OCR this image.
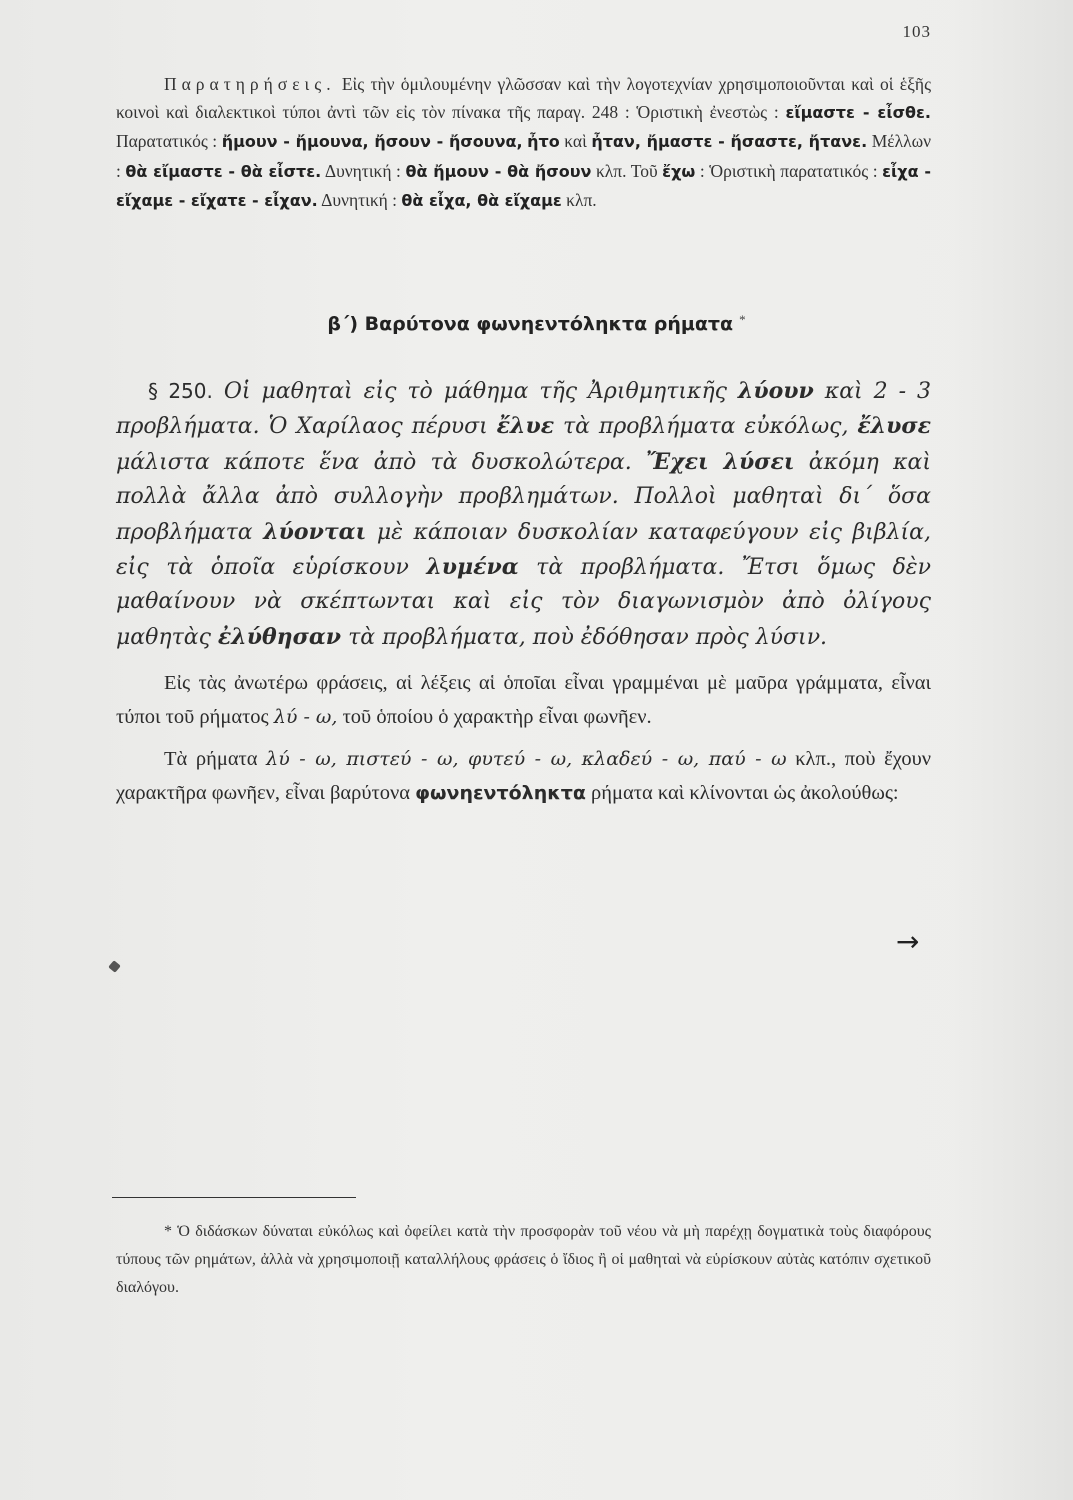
103

Παρατηρήσεις. Εἰς τὴν ὁμιλουμένην γλῶσσαν καὶ τὴν λογοτεχνίαν χρησιμοποιοῦνται καὶ οἱ ἑξῆς κοινοὶ καὶ διαλεκτικοὶ τύποι ἀντὶ τῶν εἰς τὸν πίνακα τῆς παραγ. 248 : Ὁριστικὴ ἐνεστὼς : εἴμαστε - εἶσθε. Παρατατικός : ἤμουν - ἤμουνα, ἤσουν - ἤσουνα, ἦτο καὶ ἦταν, ἤμαστε - ἤσαστε, ἤτανε. Μέλλων : θὰ εἴμαστε - θὰ εἶστε. Δυνητική : θὰ ἤμουν - θὰ ἤσουν κλπ. Τοῦ ἔχω : Ὁριστικὴ παρατατικός : εἶχα - εἴχαμε - εἴχατε - εἶχαν. Δυνητική : θὰ εἶχα, θὰ εἴχαμε κλπ.

β΄) Βαρύτονα φωνηεντόληκτα ρήματα *

§ 250. Οἱ μαθηταὶ εἰς τὸ μάθημα τῆς Ἀριθμητικῆς λύουν καὶ 2 - 3 προβλήματα. Ὁ Χαρίλαος πέρυσι ἔλυε τὰ προβλήματα εὐκόλως, ἔλυσε μάλιστα κάποτε ἕνα ἀπὸ τὰ δυσκολώτερα. Ἔχει λύσει ἀκόμη καὶ πολλὰ ἄλλα ἀπὸ συλλογὴν προβλημάτων. Πολλοὶ μαθηταὶ δι΄ ὅσα προβλήματα λύονται μὲ κάποιαν δυσκολίαν καταφεύγουν εἰς βιβλία, εἰς τὰ ὁποῖα εὑρίσκουν λυμένα τὰ προβλήματα. Ἔτσι ὅμως δὲν μαθαίνουν νὰ σκέπτωνται καὶ εἰς τὸν διαγωνισμὸν ἀπὸ ὀλίγους μαθητὰς ἐλύθησαν τὰ προβλήματα, ποὺ ἐδόθησαν πρὸς λύσιν.

Εἰς τὰς ἀνωτέρω φράσεις, αἱ λέξεις αἱ ὁποῖαι εἶναι γραμμέναι μὲ μαῦρα γράμματα, εἶναι τύποι τοῦ ρήματος λύ - ω, τοῦ ὁποίου ὁ χαρακτὴρ εἶναι φωνῆεν.

Τὰ ρήματα λύ - ω, πιστεύ - ω, φυτεύ - ω, κλαδεύ - ω, παύ - ω κλπ., ποὺ ἔχουν χαρακτῆρα φωνῆεν, εἶναι βαρύτονα φωνηεντόληκτα ρήματα καὶ κλίνονται ὡς ἀκολούθως:

→

* Ὁ διδάσκων δύναται εὐκόλως καὶ ὀφείλει κατὰ τὴν προσφορὰν τοῦ νέου νὰ μὴ παρέχῃ δογματικὰ τοὺς διαφόρους τύπους τῶν ρημάτων, ἀλλὰ νὰ χρησιμοποιῇ καταλλήλους φράσεις ὁ ἴδιος ἢ οἱ μαθηταὶ νὰ εὑρίσκουν αὐτὰς κατόπιν σχετικοῦ διαλόγου.
